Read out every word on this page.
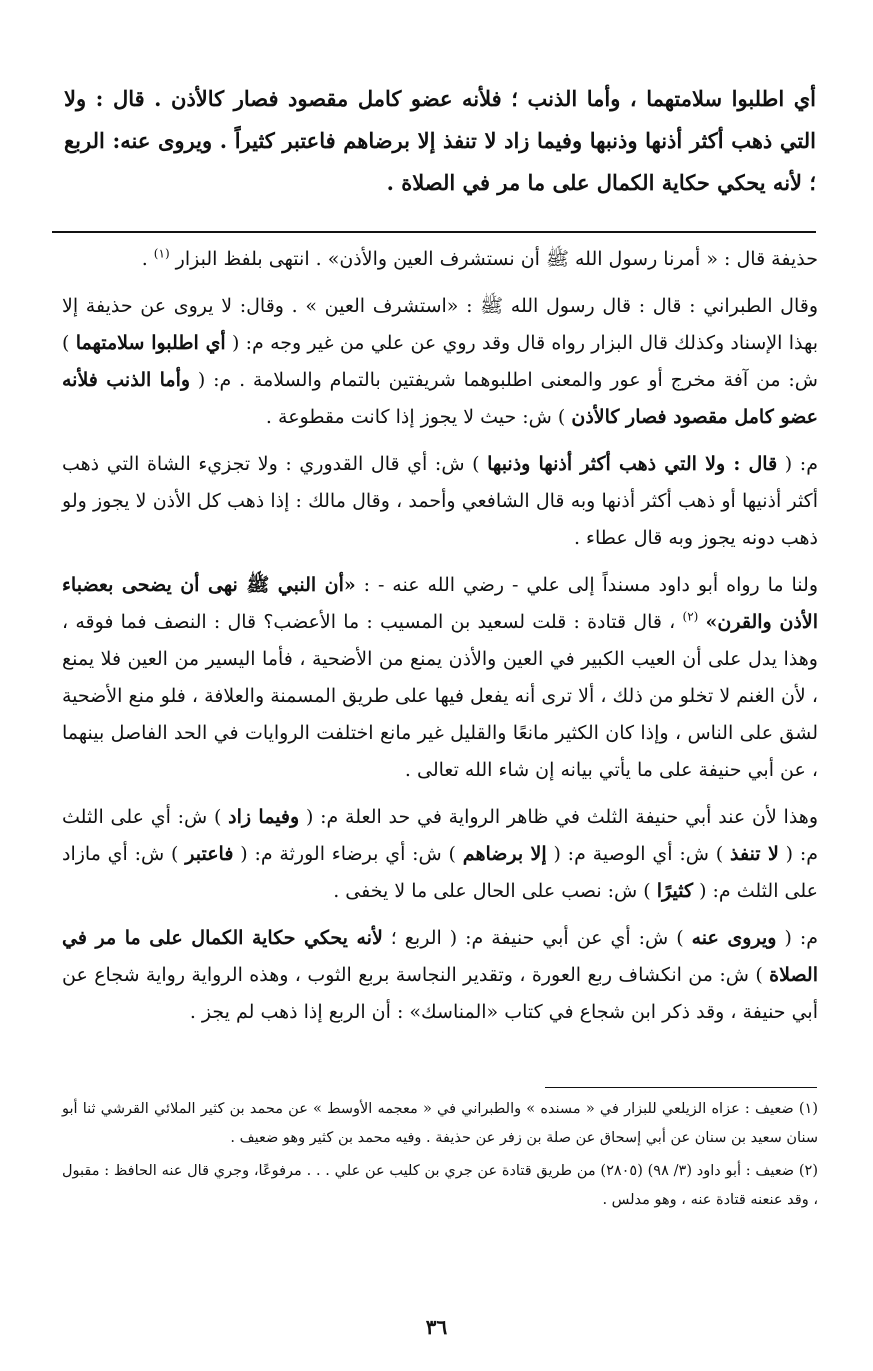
أي اطلبوا سلامتهما ، وأما الذنب ؛ فلأنه عضو كامل مقصود فصار كالأذن . قال : ولا التي ذهب أكثر أذنها وذنبها وفيما زاد لا تنفذ إلا برضاهم فاعتبر كثيراً . ويروى عنه: الربع ؛ لأنه يحكي حكاية الكمال على ما مر في الصلاة .

حذيفة قال : « أمرنا رسول الله ﷺ أن نستشرف العين والأذن» . انتهى بلفظ البزار $^{(١)}$ .

وقال الطبراني : قال : قال رسول الله ﷺ : «استشرف العين » . وقال: لا يروى عن حذيفة إلا بهذا الإسناد وكذلك قال البزار رواه قال وقد روي عن علي من غير وجه م: ( أي اطلبوا سلامتهما ) ش: من آفة مخرج أو عور والمعنى اطلبوهما شريفتين بالتمام والسلامة . م: ( وأما الذنب فلأنه عضو كامل مقصود فصار كالأذن ) ش: حيث لا يجوز إذا كانت مقطوعة .

م: ( قال : ولا التي ذهب أكثر أذنها وذنبها ) ش: أي قال القدوري : ولا تجزيء الشاة التي ذهب أكثر أذنيها أو ذهب أكثر أذنها وبه قال الشافعي وأحمد ، وقال مالك : إذا ذهب كل الأذن لا يجوز ولو ذهب دونه يجوز وبه قال عطاء .

ولنا ما رواه أبو داود مسنداً إلى علي - رضي الله عنه - : «أن النبي ﷺ نهى أن يضحى بعضباء الأذن والقرن» $^{(٢)}$ ، قال قتادة : قلت لسعيد بن المسيب : ما الأعضب؟ قال : النصف فما فوقه ، وهذا يدل على أن العيب الكبير في العين والأذن يمنع من الأضحية ، فأما اليسير من العين فلا يمنع ، لأن الغنم لا تخلو من ذلك ، ألا ترى أنه يفعل فيها على طريق المسمنة والعلافة ، فلو منع الأضحية لشق على الناس ، وإذا كان الكثير مانعًا والقليل غير مانع اختلفت الروايات في الحد الفاصل بينهما ، عن أبي حنيفة على ما يأتي بيانه إن شاء الله تعالى .

وهذا لأن عند أبي حنيفة الثلث في ظاهر الرواية في حد العلة م: ( وفيما زاد ) ش: أي على الثلث م: ( لا تنفذ ) ش: أي الوصية م: ( إلا برضاهم ) ش: أي برضاء الورثة م: ( فاعتبر ) ش: أي مازاد على الثلث م: ( كثيرًا ) ش: نصب على الحال على ما لا يخفى .

م: ( ويروى عنه ) ش: أي عن أبي حنيفة م: ( الربع ؛ لأنه يحكي حكاية الكمال على ما مر في الصلاة ) ش: من انكشاف ربع العورة ، وتقدير النجاسة بربع الثوب ، وهذه الرواية رواية شجاع عن أبي حنيفة ، وقد ذكر ابن شجاع في كتاب «المناسك» : أن الربع إذا ذهب لم يجز .

(١) ضعيف : عزاه الزيلعي للبزار في « مسنده » والطبراني في « معجمه الأوسط » عن محمد بن كثير الملائي القرشي ثنا أبو سنان سعيد بن سنان عن أبي إسحاق عن صلة بن زفر عن حذيفة . وفيه محمد بن كثير وهو ضعيف .

(٢) ضعيف : أبو داود (٣/ ٩٨) (٢٨٠٥) من طريق قتادة عن جري بن كليب عن علي . . . مرفوعًا، وجري قال عنه الحافظ : مقبول ، وقد عنعنه قتادة عنه ، وهو مدلس .

٣٦
